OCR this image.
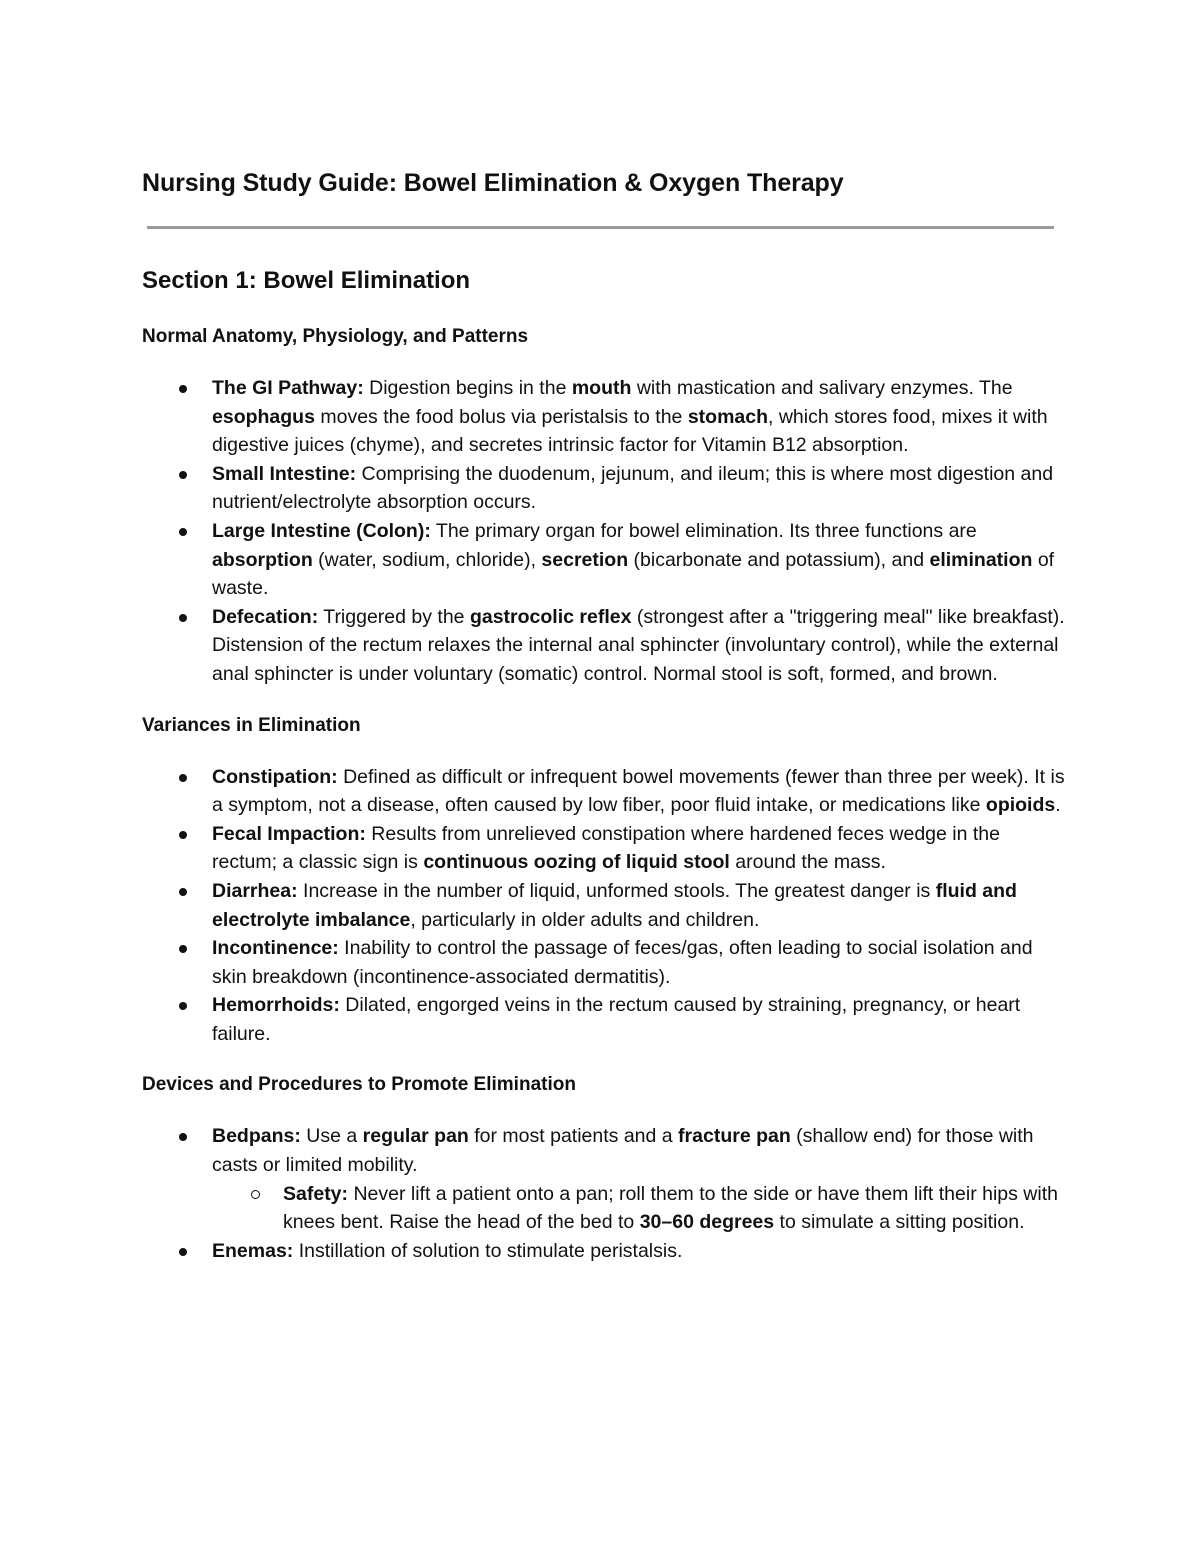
Nursing Study Guide: Bowel Elimination & Oxygen Therapy
Section 1: Bowel Elimination
Normal Anatomy, Physiology, and Patterns
The GI Pathway: Digestion begins in the mouth with mastication and salivary enzymes. The esophagus moves the food bolus via peristalsis to the stomach, which stores food, mixes it with digestive juices (chyme), and secretes intrinsic factor for Vitamin B12 absorption.
Small Intestine: Comprising the duodenum, jejunum, and ileum; this is where most digestion and nutrient/electrolyte absorption occurs.
Large Intestine (Colon): The primary organ for bowel elimination. Its three functions are absorption (water, sodium, chloride), secretion (bicarbonate and potassium), and elimination of waste.
Defecation: Triggered by the gastrocolic reflex (strongest after a "triggering meal" like breakfast). Distension of the rectum relaxes the internal anal sphincter (involuntary control), while the external anal sphincter is under voluntary (somatic) control. Normal stool is soft, formed, and brown.
Variances in Elimination
Constipation: Defined as difficult or infrequent bowel movements (fewer than three per week). It is a symptom, not a disease, often caused by low fiber, poor fluid intake, or medications like opioids.
Fecal Impaction: Results from unrelieved constipation where hardened feces wedge in the rectum; a classic sign is continuous oozing of liquid stool around the mass.
Diarrhea: Increase in the number of liquid, unformed stools. The greatest danger is fluid and electrolyte imbalance, particularly in older adults and children.
Incontinence: Inability to control the passage of feces/gas, often leading to social isolation and skin breakdown (incontinence-associated dermatitis).
Hemorrhoids: Dilated, engorged veins in the rectum caused by straining, pregnancy, or heart failure.
Devices and Procedures to Promote Elimination
Bedpans: Use a regular pan for most patients and a fracture pan (shallow end) for those with casts or limited mobility.
Safety: Never lift a patient onto a pan; roll them to the side or have them lift their hips with knees bent. Raise the head of the bed to 30–60 degrees to simulate a sitting position.
Enemas: Instillation of solution to stimulate peristalsis.
